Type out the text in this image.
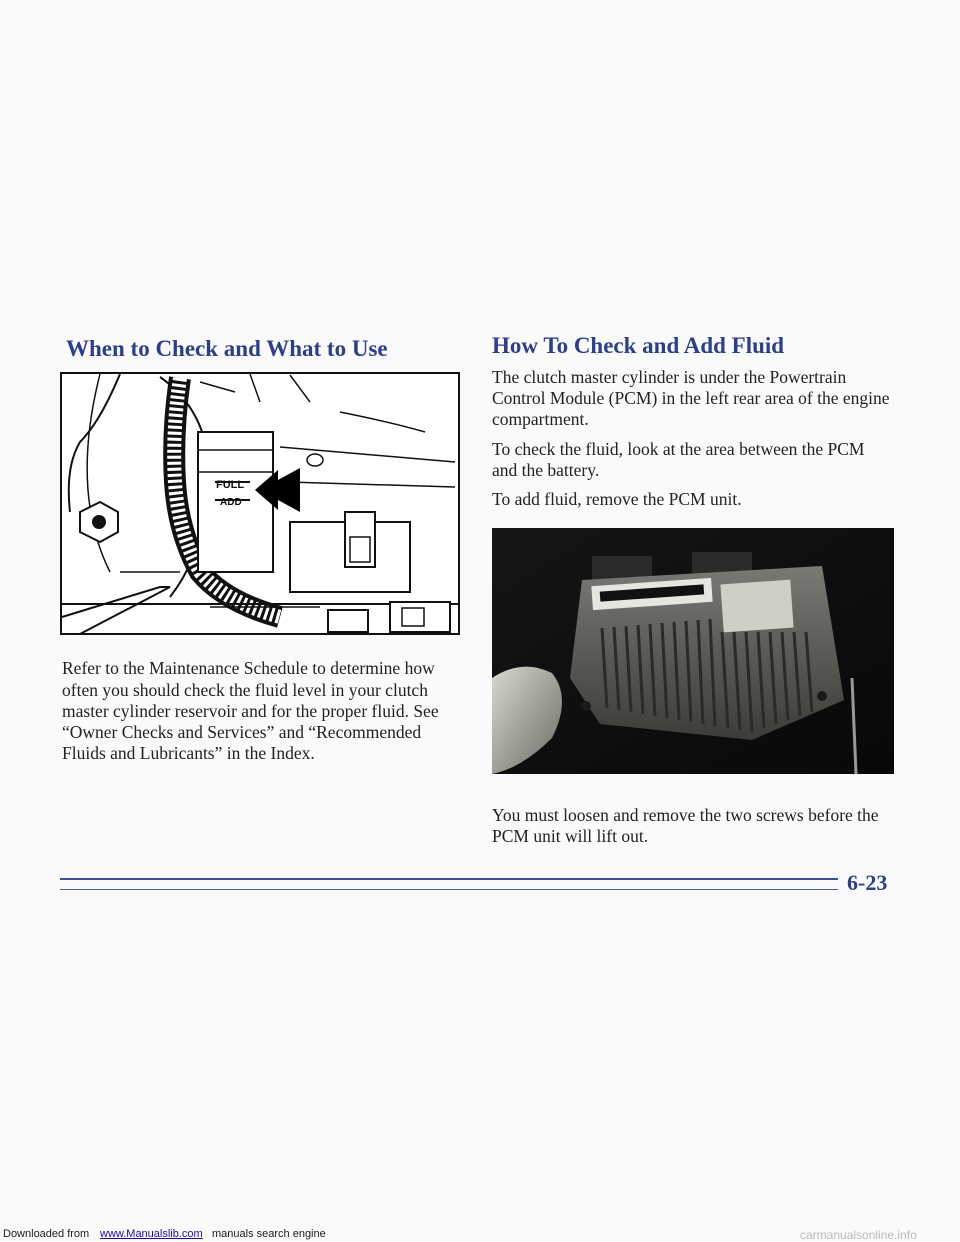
When to Check and What to Use
FULL
ADD

Refer to the Maintenance Schedule to determine how

often you should check the fluid level in your clutch

master cylinder reservoir and for the proper fluid. See

“Owner Checks and Services” and “Recommended

Fluids and Lubricants” in the Index.

How To Check and Add Fluid

The clutch master cylinder is under the Powertrain

Control Module (PCM) in the left rear area of the engine

compartment.

To check the fluid, look at the area between the PCM

and the battery.

To add fluid, remove the PCM unit.

You must loosen and remove the two screws before the

PCM unit will lift out.

6-23

Downloaded from www.Manualslib.com manuals search engine	carmanualsonline.info
